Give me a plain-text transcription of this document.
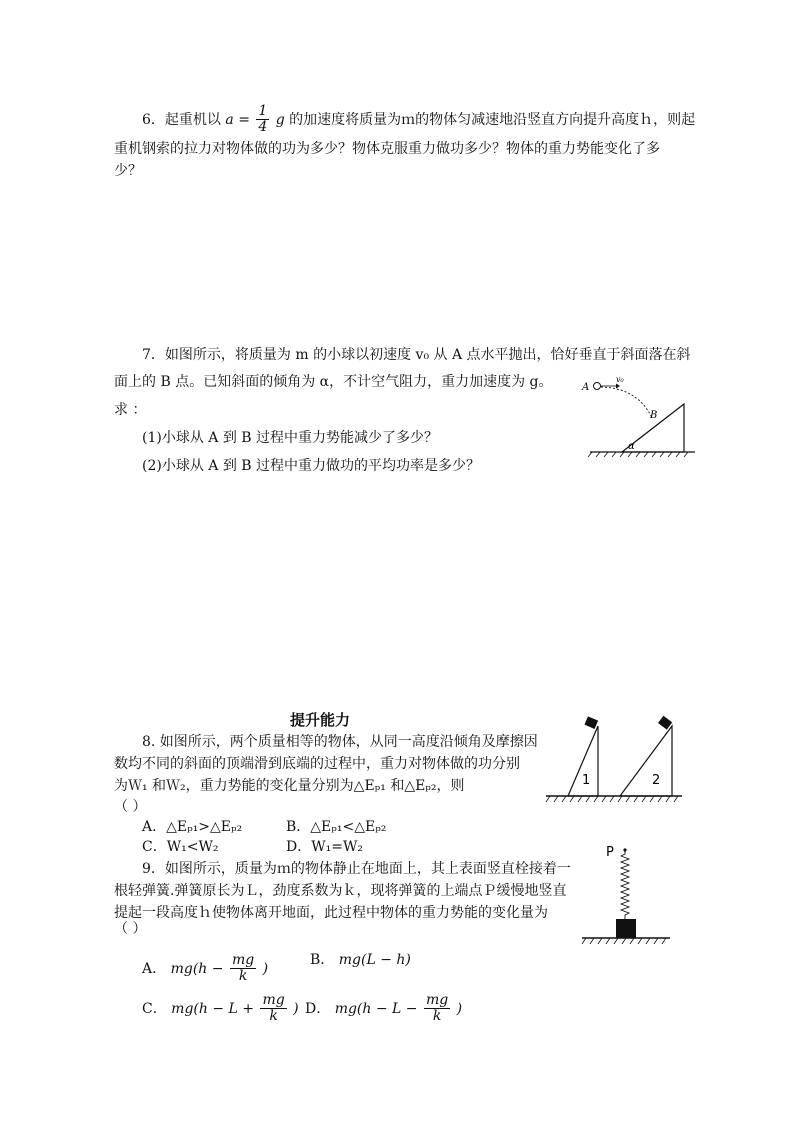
6．起重机以 $a = \frac{1}{4}$ g 的加速度将质量为ｍ的物体匀减速地沿竖直方向提升高度ｈ，则起
重机钢索的拉力对物体做的功为多少？物体克服重力做功多少？物体的重力势能变化了多
少？
7．如图所示，将质量为 m 的小球以初速度 v₀ 从 A 点水平抛出，恰好垂直于斜面落在斜
面上的 B 点。已知斜面的倾角为 α，不计空气阻力，重力加速度为 g。
求 ：
(1)小球从 A 到 B 过程中重力势能减少了多少？
(2)小球从 A 到 B 过程中重力做功的平均功率是多少？
A
v₀
B
α
提升能力
8. 如图所示，两个质量相等的物体，从同一高度沿倾角及摩擦因
数均不同的斜面的顶端滑到底端的过程中，重力对物体做的功分别
为Ｗ₁ 和Ｗ₂，重力势能的变化量分别为△Eₚ₁ 和△Eₚ₂，则
（ ）
A．△Eₚ₁>△Eₚ₂	B．△Eₚ₁<△Eₚ₂
C．W₁<W₂	D．W₁=W₂
1	2
9．如图所示，质量为ｍ的物体静止在地面上，其上表面竖直栓接着一
根轻弹簧.弹簧原长为Ｌ，劲度系数为ｋ，现将弹簧的上端点Ｐ缓慢地竖直
提起一段高度ｈ使物体离开地面，此过程中物体的重力势能的变化量为
（ ）
A． $mg(h - \frac{mg}{k}$ )
B． mg(L − h)
C． $mg(h - L + \frac{mg}{k}$ ) D． $mg(h - L - \frac{mg}{k}$ )
P
